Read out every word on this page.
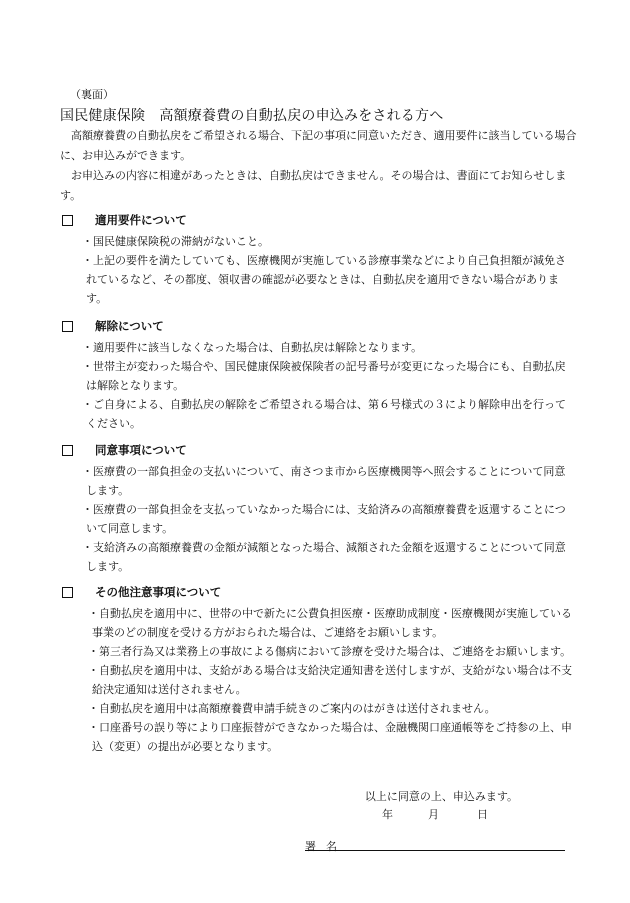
（裏面）
国民健康保険　高額療養費の自動払戻の申込みをされる方へ

高額療養費の自動払戻をご希望される場合、下記の事項に同意いただき、適用要件に該当している場合に、お申込みができます。

お申込みの内容に相違があったときは、自動払戻はできません。その場合は、書面にてお知らせします。

適用要件について
・国民健康保険税の滞納がないこと。
・上記の要件を満たしていても、医療機関が実施している診療事業などにより自己負担額が減免されているなど、その都度、領収書の確認が必要なときは、自動払戻を適用できない場合があります。
解除について
・適用要件に該当しなくなった場合は、自動払戻は解除となります。
・世帯主が変わった場合や、国民健康保険被保険者の記号番号が変更になった場合にも、自動払戻は解除となります。
・ご自身による、自動払戻の解除をご希望される場合は、第６号様式の３により解除申出を行ってください。
同意事項について
・医療費の一部負担金の支払いについて、南さつま市から医療機関等へ照会することについて同意します。
・医療費の一部負担金を支払っていなかった場合には、支給済みの高額療養費を返還することについて同意します。
・支給済みの高額療養費の金額が減額となった場合、減額された金額を返還することについて同意します。
その他注意事項について
・自動払戻を適用中に、世帯の中で新たに公費負担医療・医療助成制度・医療機関が実施している事業のどの制度を受ける方がおられた場合は、ご連絡をお願いします。
・第三者行為又は業務上の事故による傷病において診療を受けた場合は、ご連絡をお願いします。
・自動払戻を適用中は、支給がある場合は支給決定通知書を送付しますが、支給がない場合は不支給決定通知は送付されません。
・自動払戻を適用中は高額療養費申請手続きのご案内のはがきは送付されません。
・口座番号の誤り等により口座振替ができなかった場合は、金融機関口座通帳等をご持参の上、申込（変更）の提出が必要となります。
以上に同意の上、申込みます。
年	月	日
署名
